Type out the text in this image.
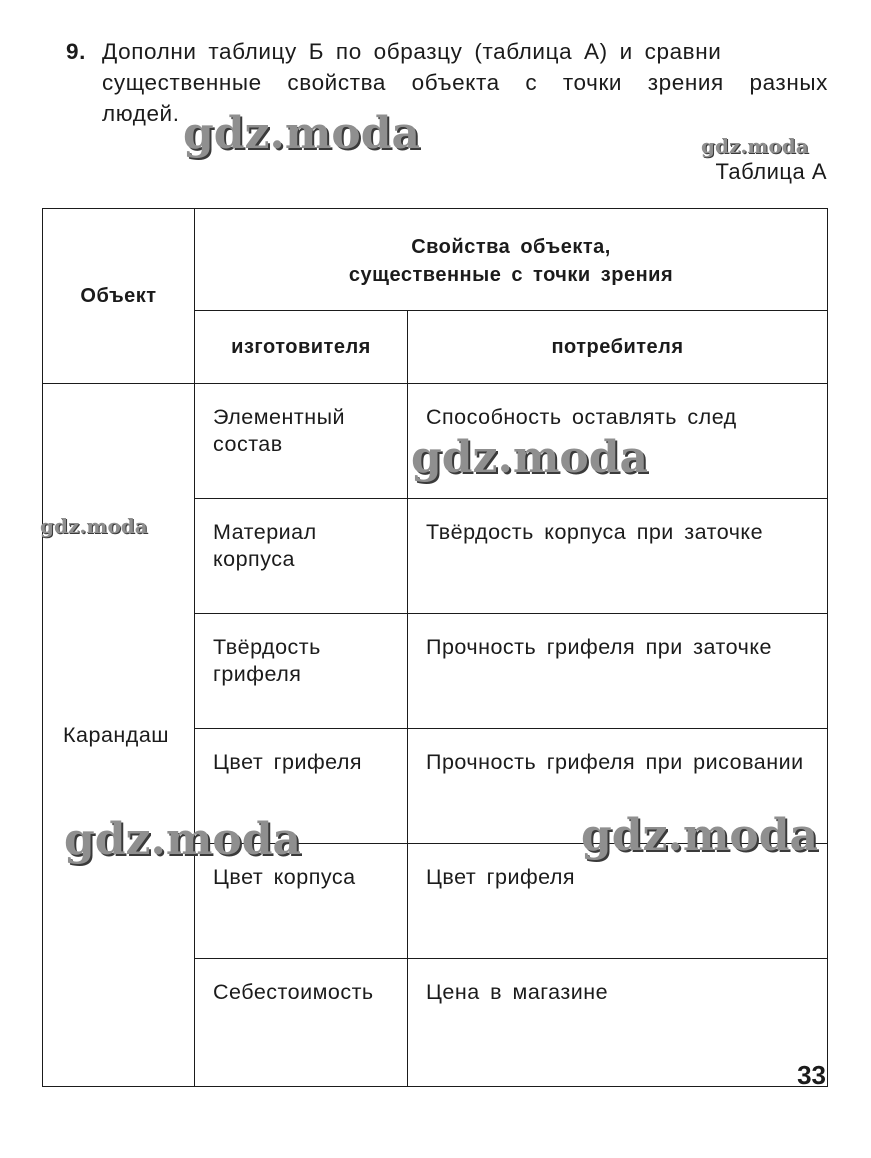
9. Дополни таблицу Б по образцу (таблица А) и сравни
существенные свойства объекта с точки зрения разных
людей.
Таблица А
Объект	Свойства объекта,
существенные с точки зрения	

	изготовителя	потребителя
Карандаш	Элементный состав	Способность оставлять след
	Материал корпуса	Твёрдость корпуса при заточке
	Твёрдость грифеля	Прочность грифеля при заточке
	Цвет грифеля	Прочность грифеля при рисовании
	Цвет корпуса	Цвет грифеля
	Себестоимость	Цена в магазине
gdz.moda	gdz.moda
gdz.moda
gdz.moda
gdz.moda	gdz.moda
33
